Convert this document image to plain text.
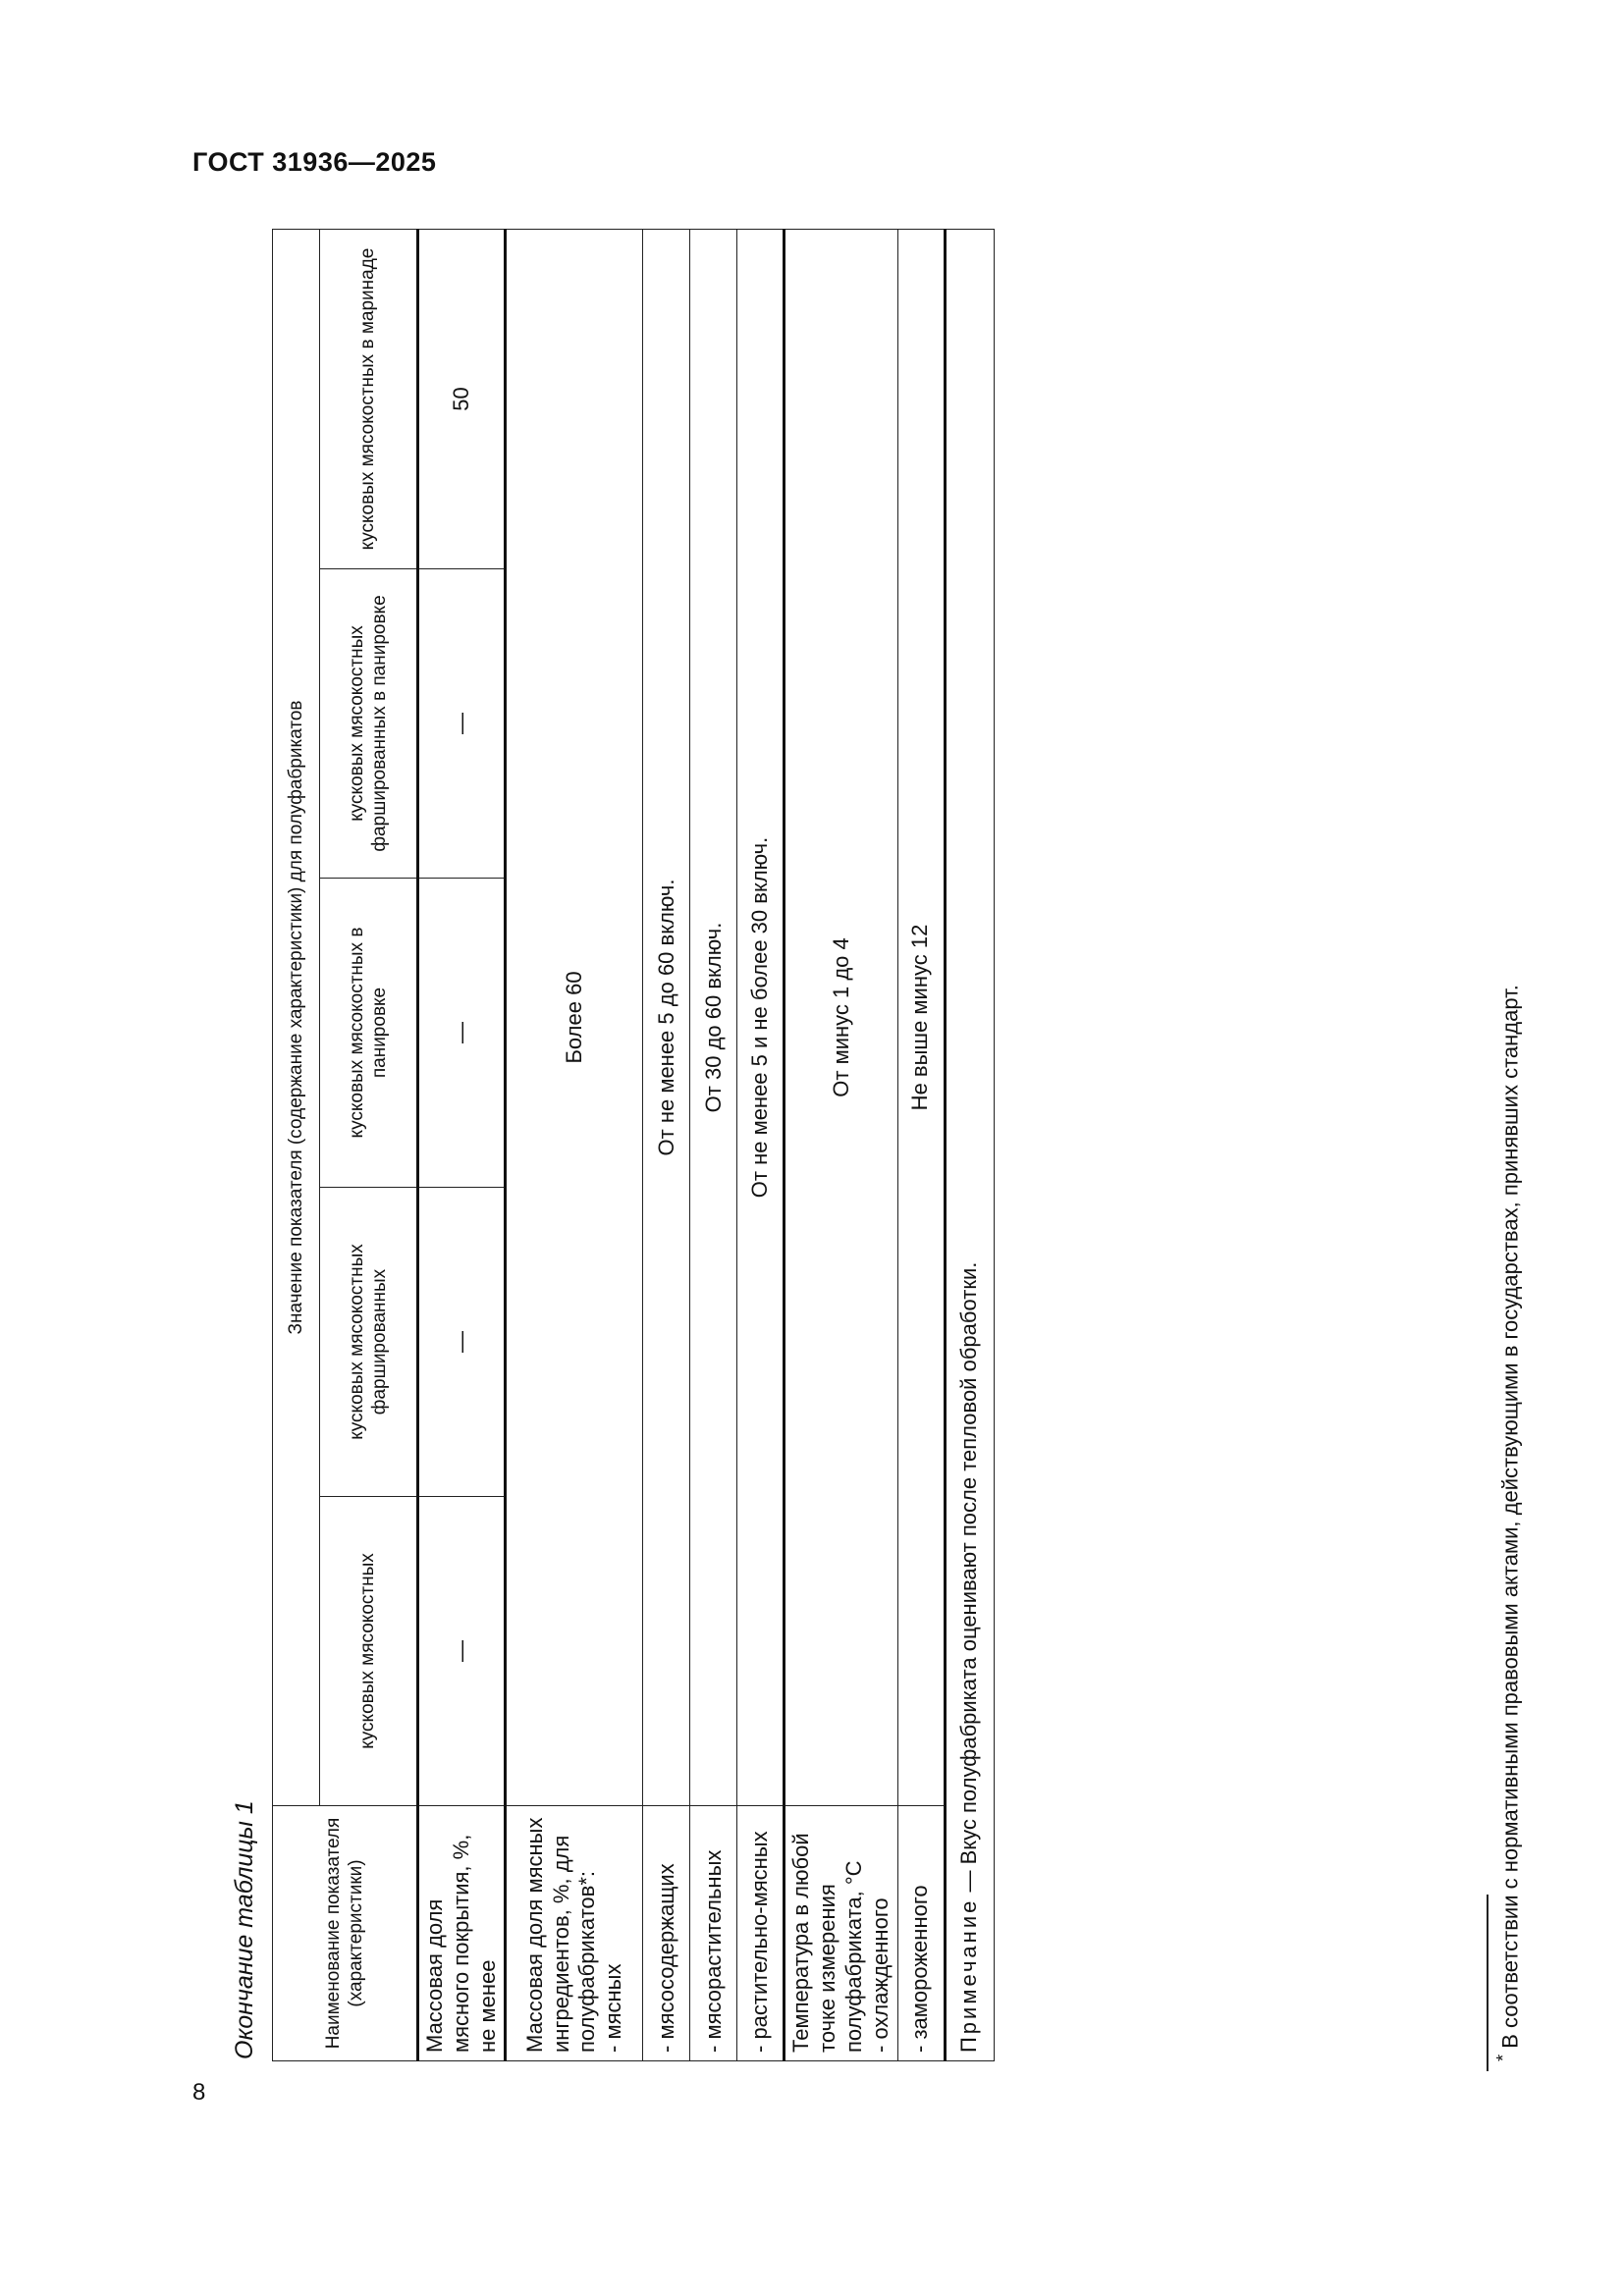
ГОСТ 31936—2025
Окончание таблицы 1	Наименование показателя (характеристики)	Значение показателя (содержание характеристики) для полуфабрикатов				
	кусковых мясокостных	кусковых мясокостных фаршированных	кусковых мясокостных в панировке	кусковых мясокостных фаршированных в панировке	кусковых мясокостных в маринаде
Массовая доля мясного покрытия, %, не менее	—	—	—	—	50

Массовая доля мясных ингредиентов, %, для полуфабрикатов*: - мясных	Более 60				
- мясосодержащих	От не менее 5 до 60 включ.				
- мясорастительных	От 30 до 60 включ.				
- растительно-мясных	От не менее 5 и не более 30 включ.				

Температура в любой точке измерения полуфабриката, °С - охлажденного	От минус 1 до 4				
- замороженного	Не выше минус 12				
Примечание — Вкус полуфабриката оценивают после тепловой обработки.					
* В соответствии с нормативными правовыми актами, действующими в государствах, принявших стандарт.
8
